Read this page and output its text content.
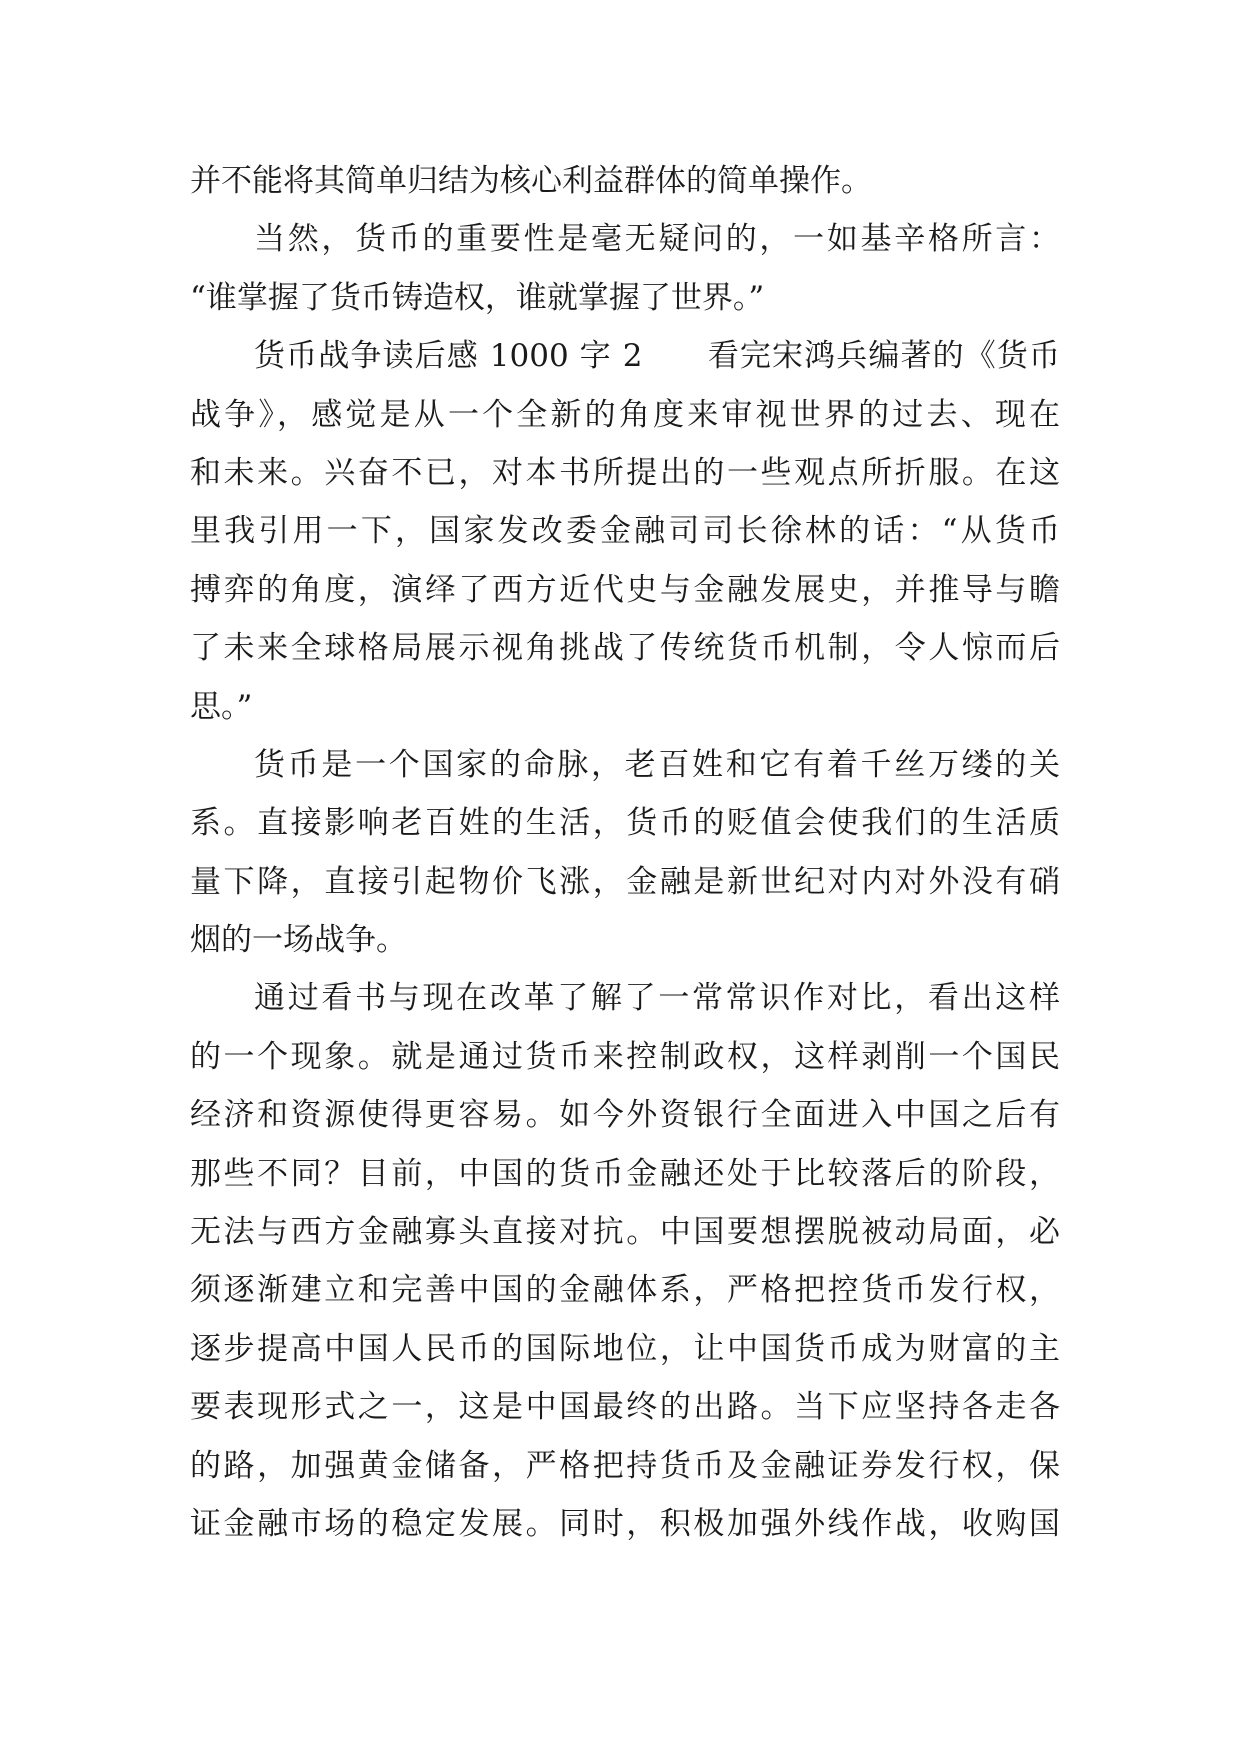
并不能将其简单归结为核心利益群体的简单操作。
当然，货币的重要性是毫无疑问的，一如基辛格所言：
“谁掌握了货币铸造权，谁就掌握了世界。”
货币战争读后感 1000 字 2　　看完宋鸿兵编著的《货币
战争》，感觉是从一个全新的角度来审视世界的过去、现在
和未来。兴奋不已，对本书所提出的一些观点所折服。在这
里我引用一下，国家发改委金融司司长徐林的话：“从货币
搏弈的角度，演绎了西方近代史与金融发展史，并推导与瞻
了未来全球格局展示视角挑战了传统货币机制，令人惊而后
思。”
货币是一个国家的命脉，老百姓和它有着千丝万缕的关
系。直接影响老百姓的生活，货币的贬值会使我们的生活质
量下降，直接引起物价飞涨，金融是新世纪对内对外没有硝
烟的一场战争。
通过看书与现在改革了解了一常常识作对比，看出这样
的一个现象。就是通过货币来控制政权，这样剥削一个国民
经济和资源使得更容易。如今外资银行全面进入中国之后有
那些不同？目前，中国的货币金融还处于比较落后的阶段，
无法与西方金融寡头直接对抗。中国要想摆脱被动局面，必
须逐渐建立和完善中国的金融体系，严格把控货币发行权，
逐步提高中国人民币的国际地位，让中国货币成为财富的主
要表现形式之一，这是中国最终的出路。当下应坚持各走各
的路，加强黄金储备，严格把持货币及金融证券发行权，保
证金融市场的稳定发展。同时，积极加强外线作战，收购国
